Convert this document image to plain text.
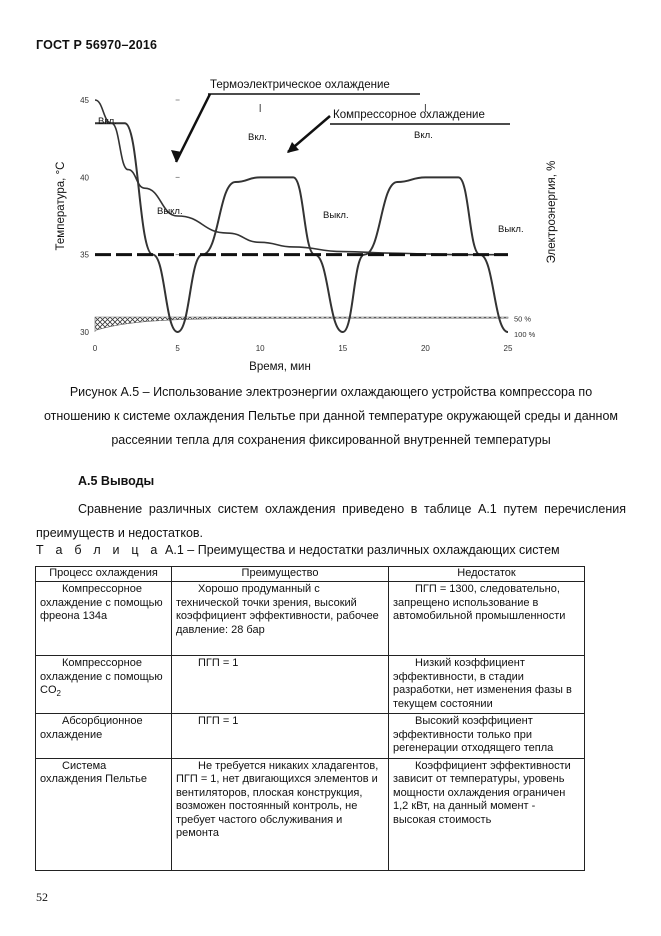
ГОСТ Р 56970–2016
0	5	10	15	20	25
30
35
40
45
50 %
100 %
Время, мин
Температура, °С	Электроэнергия, %
Термоэлектрическое охлаждение
Компрессорное охлаждение
Вкл.
Вкл.	Вкл.
Выкл.	Выкл.
Выкл.
Рисунок А.5 – Использование электроэнергии охлаждающего устройства компрессора по отношению к системе охлаждения Пельтье при данной температуре окружающей среды и данном рассеянии тепла для сохранения фиксированной внутренней температуры
А.5 Выводы
Сравнение различных систем охлаждения приведено в таблице А.1 путем перечисления преимуществ и недостатков.
Т а б л и ц а А.1 – Преимущества и недостатки различных охлаждающих систем
Процесс охлаждения	Преимущество	Недостаток
Компрессорное охлаждение с помощью фреона 134а	Хорошо продуманный с технической точки зрения, высокий коэффициент эффективности, рабочее давление: 28 бар	ПГП = 1300, следовательно, запрещено использование в автомобильной промышленности
Компрессорное охлаждение с помощью $CO_2$	ПГП = 1	Низкий коэффициент эффективности, в стадии разработки, нет изменения фазы в текущем состоянии
Абсорбционное охлаждение	ПГП = 1	Высокий коэффициент эффективности только при регенерации отходящего тепла
Система охлаждения Пельтье	Не требуется никаких хладагентов, ПГП = 1, нет двигающихся элементов и вентиляторов, плоская конструкция, возможен постоянный контроль, не требует частого обслуживания и ремонта	Коэффициент эффективности зависит от температуры, уровень мощности охлаждения ограничен 1,2 кВт, на данный момент - высокая стоимость
52
